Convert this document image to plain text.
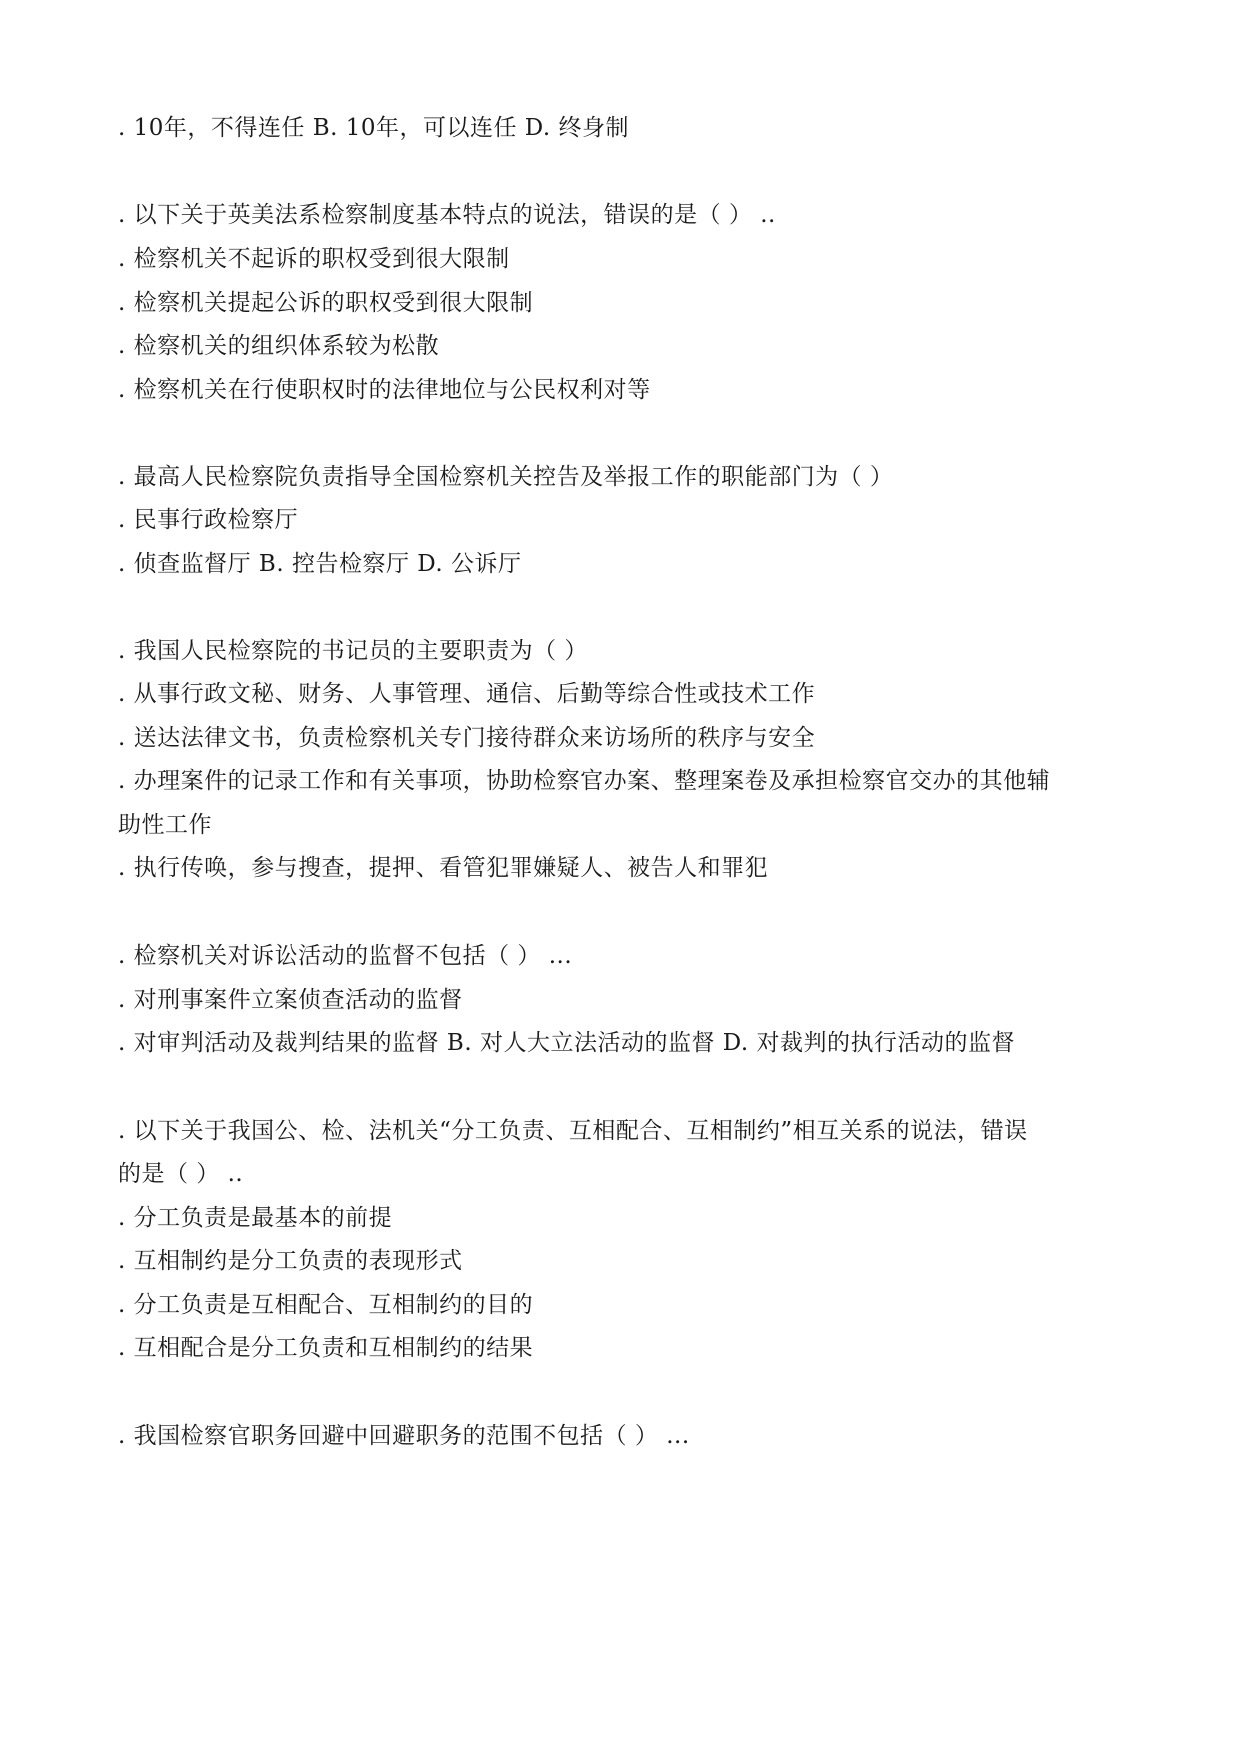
. 10年，不得连任 B. 10年，可以连任 D. 终身制
. 以下关于英美法系检察制度基本特点的说法，错误的是（ ） ..
. 检察机关不起诉的职权受到很大限制
. 检察机关提起公诉的职权受到很大限制
. 检察机关的组织体系较为松散
. 检察机关在行使职权时的法律地位与公民权利对等
. 最高人民检察院负责指导全国检察机关控告及举报工作的职能部门为（ ）
. 民事行政检察厅
. 侦查监督厅 B. 控告检察厅 D. 公诉厅
. 我国人民检察院的书记员的主要职责为（ ）
. 从事行政文秘、财务、人事管理、通信、后勤等综合性或技术工作
. 送达法律文书，负责检察机关专门接待群众来访场所的秩序与安全
. 办理案件的记录工作和有关事项，协助检察官办案、整理案卷及承担检察官交办的其他辅
助性工作
. 执行传唤，参与搜查，提押、看管犯罪嫌疑人、被告人和罪犯
. 检察机关对诉讼活动的监督不包括（ ） ...
. 对刑事案件立案侦查活动的监督
. 对审判活动及裁判结果的监督 B. 对人大立法活动的监督 D. 对裁判的执行活动的监督
. 以下关于我国公、检、法机关“分工负责、互相配合、互相制约”相互关系的说法，错误
的是（ ） ..
. 分工负责是最基本的前提
. 互相制约是分工负责的表现形式
. 分工负责是互相配合、互相制约的目的
. 互相配合是分工负责和互相制约的结果
. 我国检察官职务回避中回避职务的范围不包括（ ） ...
